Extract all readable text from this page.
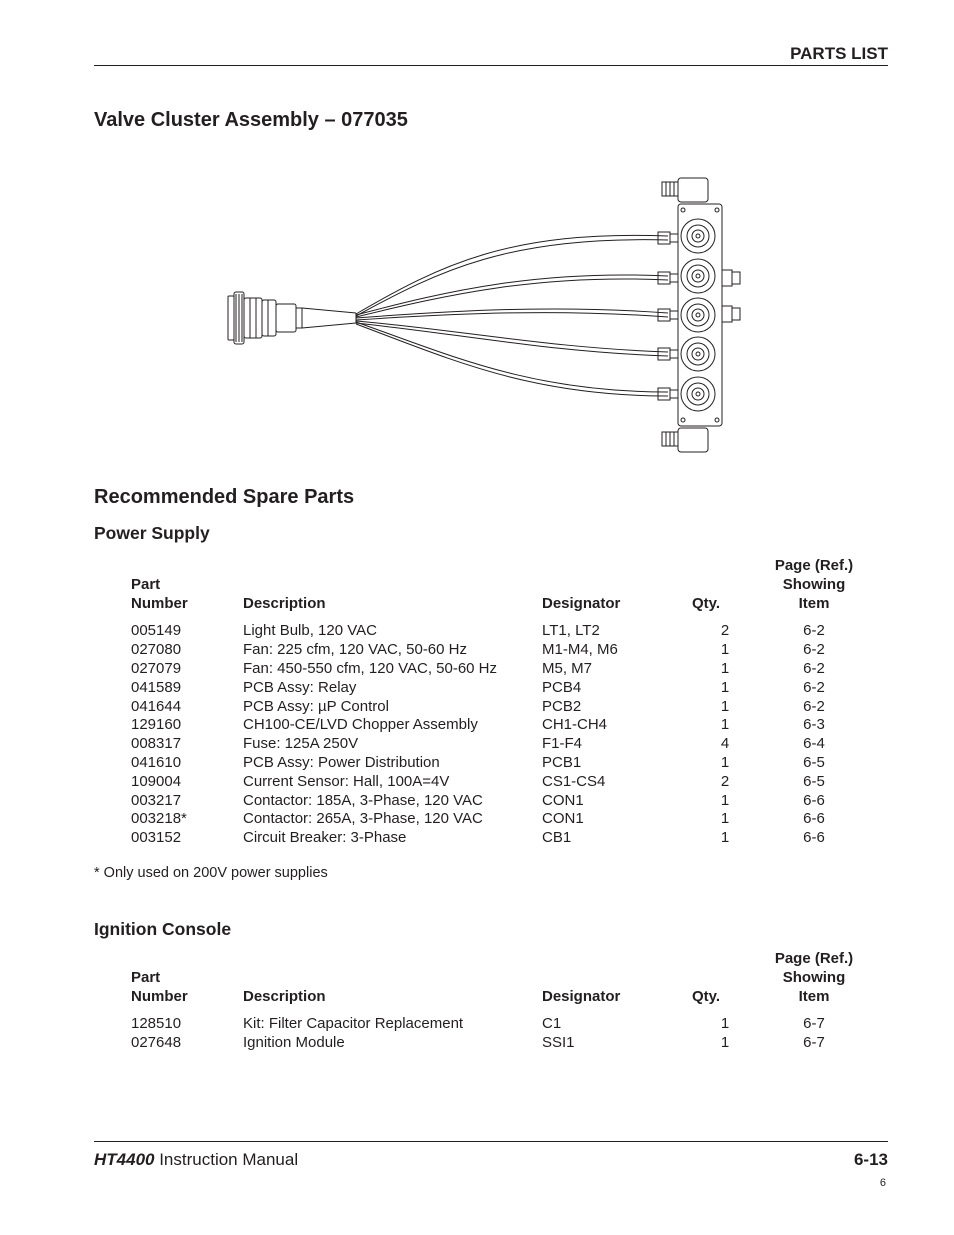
PARTS LIST
Valve Cluster Assembly – 077035
Recommended Spare Parts
Power Supply
				Page (Ref.)
Part				Showing
Number	Description	Designator	Qty.	Item

005149	Light Bulb, 120 VAC	LT1, LT2	2	6-2
027080	Fan: 225 cfm, 120 VAC, 50-60 Hz	M1-M4, M6	1	6-2
027079	Fan: 450-550 cfm, 120 VAC, 50-60 Hz	M5, M7	1	6-2
041589	PCB Assy: Relay	PCB4	1	6-2
041644	PCB Assy: µP Control	PCB2	1	6-2
129160	CH100-CE/LVD Chopper Assembly	CH1-CH4	1	6-3
008317	Fuse: 125A 250V	F1-F4	4	6-4
041610	PCB Assy: Power Distribution	PCB1	1	6-5
109004	Current Sensor: Hall, 100A=4V	CS1-CS4	2	6-5
003217	Contactor: 185A, 3-Phase, 120 VAC	CON1	1	6-6
003218*	Contactor: 265A, 3-Phase, 120 VAC	CON1	1	6-6
003152	Circuit Breaker: 3-Phase	CB1	1	6-6
* Only used on 200V power supplies
Ignition Console
				Page (Ref.)
Part				Showing
Number	Description	Designator	Qty.	Item

128510	Kit: Filter Capacitor Replacement	C1	1	6-7
027648	Ignition Module	SSI1	1	6-7
HT4400 Instruction Manual	6-13
6
